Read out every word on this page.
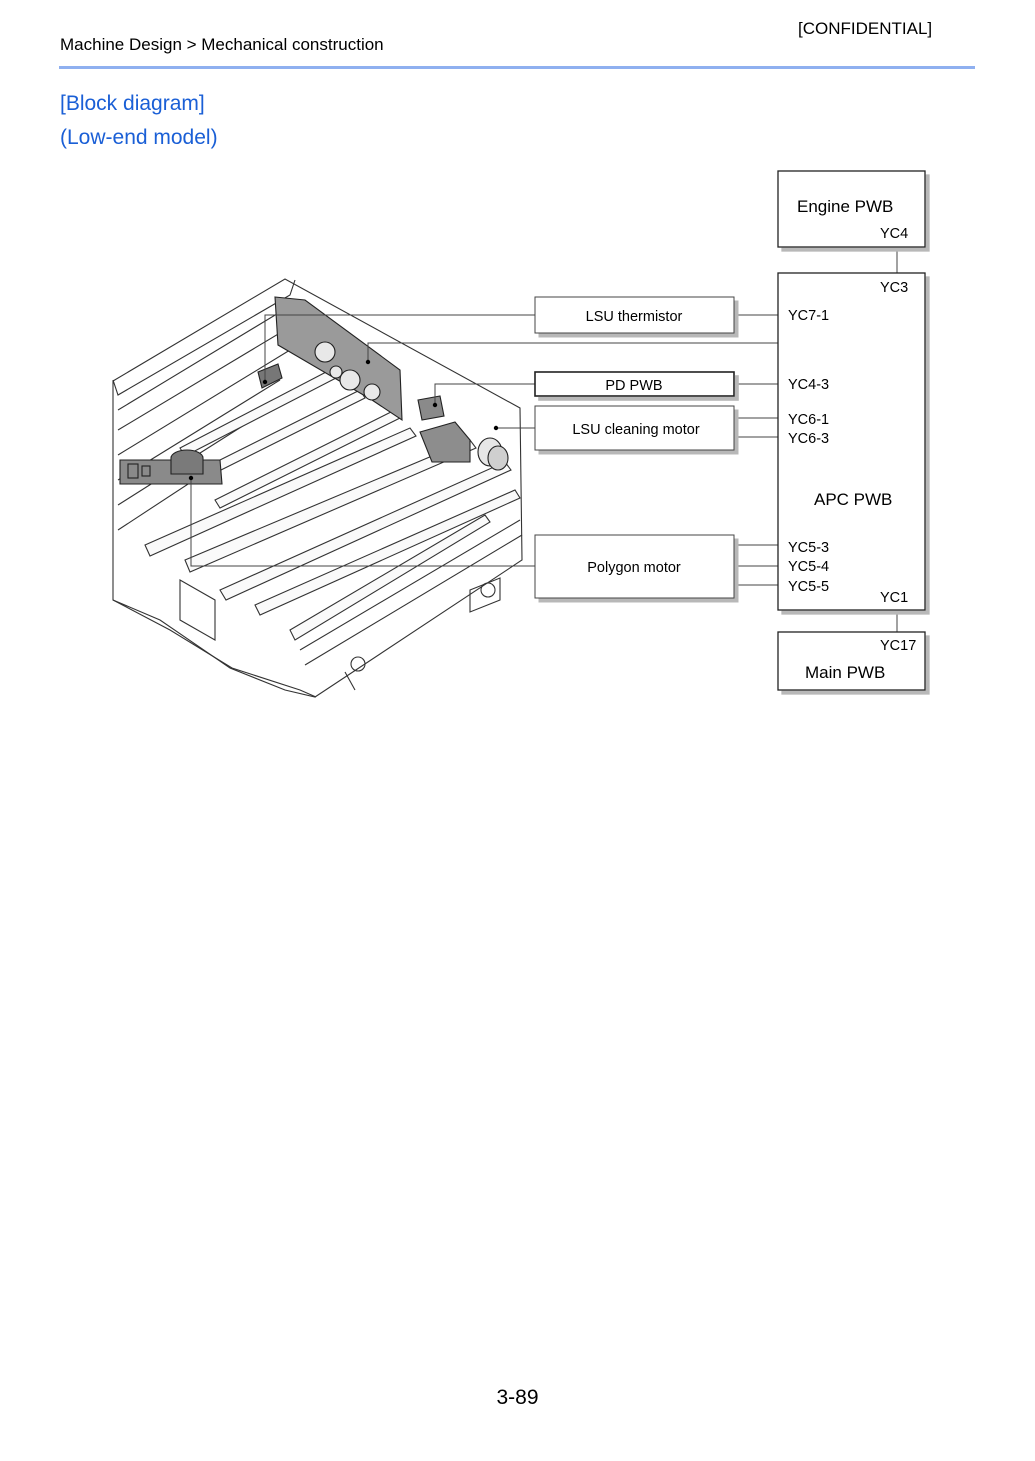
[CONFIDENTIAL]
Machine Design > Mechanical construction
[Block diagram]
(Low-end model)
Engine PWB
YC4
YC3
YC7-1
YC4-3
YC6-1
YC6-3
APC PWB
YC5-3
YC5-4
YC5-5
YC1
YC17
Main PWB
LSU thermistor
PD PWB
LSU cleaning motor
Polygon motor
3-89
